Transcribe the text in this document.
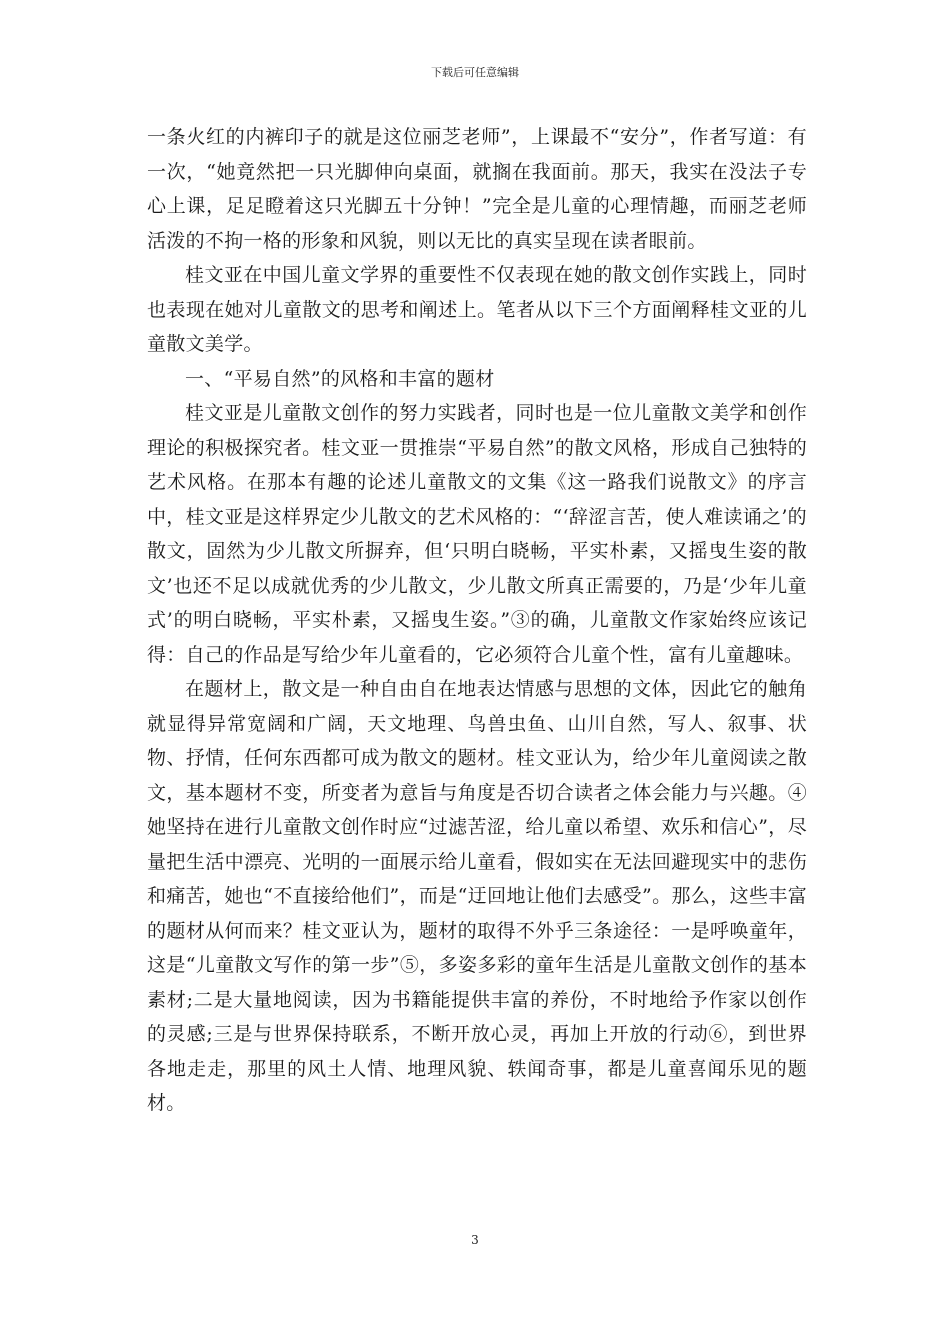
下载后可任意编辑

一条火红的内裤印子的就是这位丽芝老师”，上课最不“安分”，作者写道：有一次，“她竟然把一只光脚伸向桌面，就搁在我面前。那天，我实在没法子专心上课，足足瞪着这只光脚五十分钟！”完全是儿童的心理情趣，而丽芝老师活泼的不拘一格的形象和风貌，则以无比的真实呈现在读者眼前。

桂文亚在中国儿童文学界的重要性不仅表现在她的散文创作实践上，同时也表现在她对儿童散文的思考和阐述上。笔者从以下三个方面阐释桂文亚的儿童散文美学。

一、“平易自然”的风格和丰富的题材

桂文亚是儿童散文创作的努力实践者，同时也是一位儿童散文美学和创作理论的积极探究者。桂文亚一贯推崇“平易自然”的散文风格，形成自己独特的艺术风格。在那本有趣的论述儿童散文的文集《这一路我们说散文》的序言中，桂文亚是这样界定少儿散文的艺术风格的：“‘辞涩言苦，使人难读诵之’的散文，固然为少儿散文所摒弃，但‘只明白晓畅，平实朴素，又摇曳生姿的散文’也还不足以成就优秀的少儿散文，少儿散文所真正需要的，乃是‘少年儿童式’的明白晓畅，平实朴素，又摇曳生姿。”③的确，儿童散文作家始终应该记得：自己的作品是写给少年儿童看的，它必须符合儿童个性，富有儿童趣味。

在题材上，散文是一种自由自在地表达情感与思想的文体，因此它的触角就显得异常宽阔和广阔，天文地理、鸟兽虫鱼、山川自然，写人、叙事、状物、抒情，任何东西都可成为散文的题材。桂文亚认为，给少年儿童阅读之散文，基本题材不变，所变者为意旨与角度是否切合读者之体会能力与兴趣。④她坚持在进行儿童散文创作时应“过滤苦涩，给儿童以希望、欢乐和信心”，尽量把生活中漂亮、光明的一面展示给儿童看，假如实在无法回避现实中的悲伤和痛苦，她也“不直接给他们”，而是“迂回地让他们去感受”。那么，这些丰富的题材从何而来？桂文亚认为，题材的取得不外乎三条途径：一是呼唤童年，这是“儿童散文写作的第一步”⑤，多姿多彩的童年生活是儿童散文创作的基本素材;二是大量地阅读，因为书籍能提供丰富的养份，不时地给予作家以创作的灵感;三是与世界保持联系，不断开放心灵，再加上开放的行动⑥，到世界各地走走，那里的风土人情、地理风貌、轶闻奇事，都是儿童喜闻乐见的题材。

3
